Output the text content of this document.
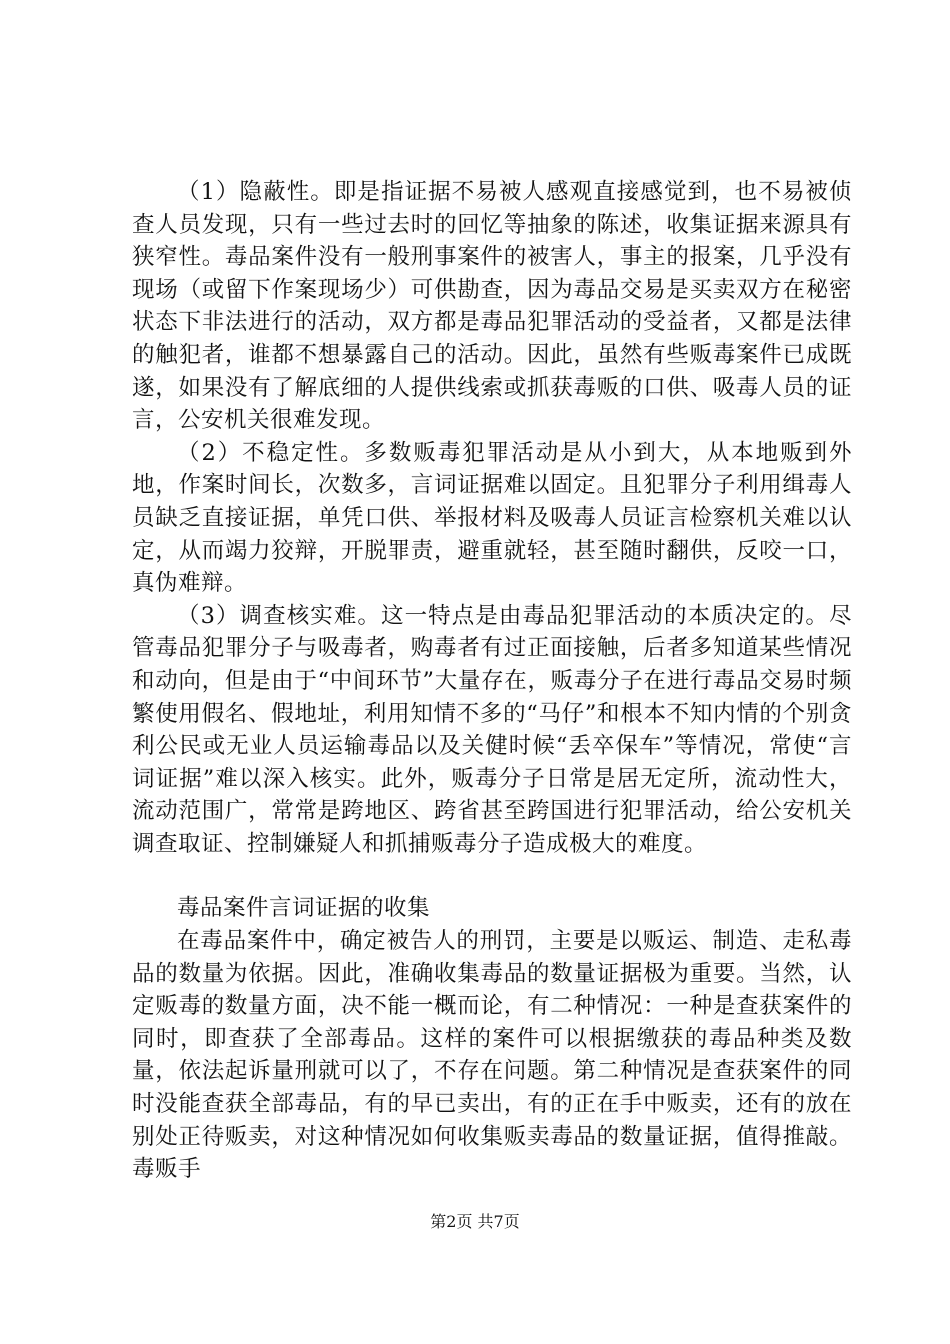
（1）隐蔽性。即是指证据不易被人感观直接感觉到，也不易被侦查人员发现，只有一些过去时的回忆等抽象的陈述，收集证据来源具有狭窄性。毒品案件没有一般刑事案件的被害人，事主的报案，几乎没有现场（或留下作案现场少）可供勘查，因为毒品交易是买卖双方在秘密状态下非法进行的活动，双方都是毒品犯罪活动的受益者，又都是法律的触犯者，谁都不想暴露自己的活动。因此，虽然有些贩毒案件已成既遂，如果没有了解底细的人提供线索或抓获毒贩的口供、吸毒人员的证言，公安机关很难发现。

（2）不稳定性。多数贩毒犯罪活动是从小到大，从本地贩到外地，作案时间长，次数多，言词证据难以固定。且犯罪分子利用缉毒人员缺乏直接证据，单凭口供、举报材料及吸毒人员证言检察机关难以认定，从而竭力狡辩，开脱罪责，避重就轻，甚至随时翻供，反咬一口，真伪难辩。

（3）调查核实难。这一特点是由毒品犯罪活动的本质决定的。尽管毒品犯罪分子与吸毒者，购毒者有过正面接触，后者多知道某些情况和动向，但是由于“中间环节”大量存在，贩毒分子在进行毒品交易时频繁使用假名、假地址，利用知情不多的“马仔”和根本不知内情的个别贪利公民或无业人员运输毒品以及关健时候“丢卒保车”等情况，常使“言词证据”难以深入核实。此外，贩毒分子日常是居无定所，流动性大，流动范围广，常常是跨地区、跨省甚至跨国进行犯罪活动，给公安机关调查取证、控制嫌疑人和抓捕贩毒分子造成极大的难度。

毒品案件言词证据的收集

在毒品案件中，确定被告人的刑罚，主要是以贩运、制造、走私毒品的数量为依据。因此，准确收集毒品的数量证据极为重要。当然，认定贩毒的数量方面，决不能一概而论，有二种情况：一种是查获案件的同时，即查获了全部毒品。这样的案件可以根据缴获的毒品种类及数量，依法起诉量刑就可以了，不存在问题。第二种情况是查获案件的同时没能查获全部毒品，有的早已卖出，有的正在手中贩卖，还有的放在别处正待贩卖，对这种情况如何收集贩卖毒品的数量证据，值得推敲。毒贩手

第2页 共7页
